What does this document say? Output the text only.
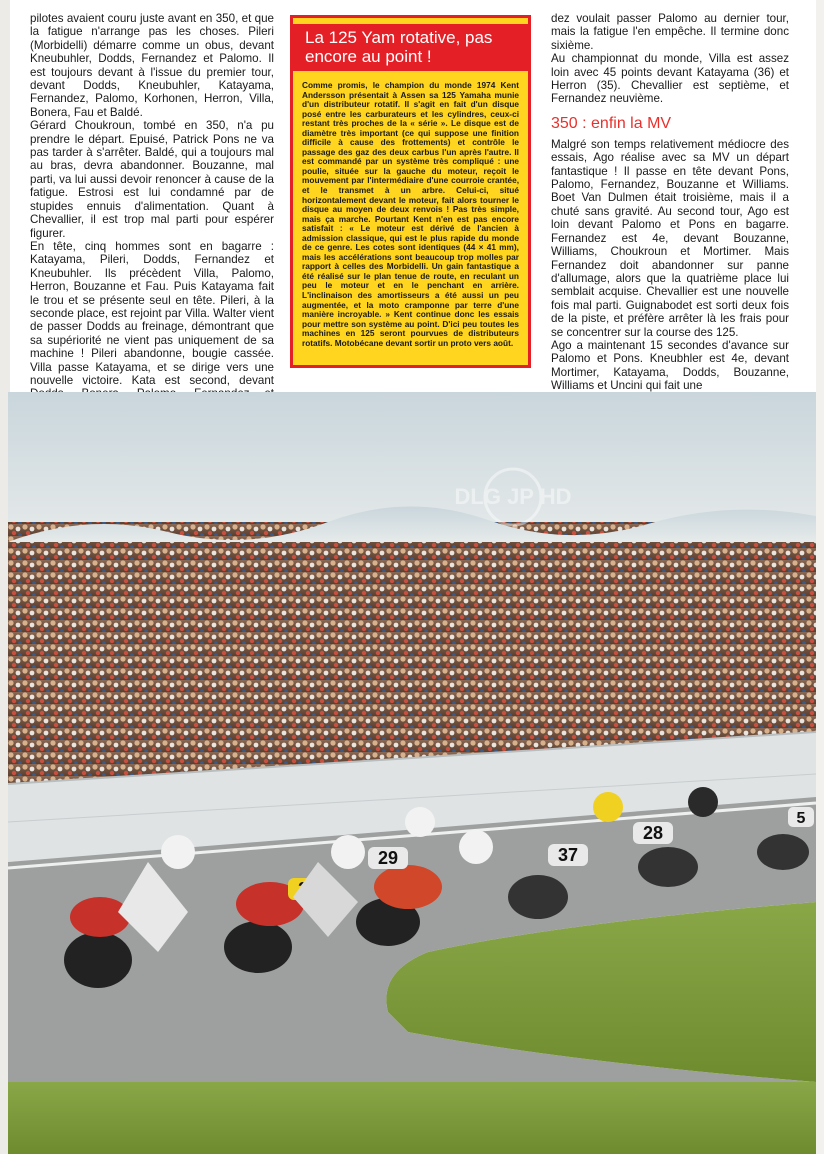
pilotes avaient couru juste avant en 350, et que la fatigue n'arrange pas les choses. Pileri (Morbidelli) démarre comme un obus, devant Kneubuhler, Dodds, Fernandez et Palomo. Il est toujours devant à l'issue du premier tour, devant Dodds, Kneubuhler, Katayama, Fernandez, Palomo, Korhonen, Herron, Villa, Bonera, Fau et Baldé.

Gérard Choukroun, tombé en 350, n'a pu prendre le départ. Epuisé, Patrick Pons ne va pas tarder à s'arrêter. Baldé, qui a toujours mal au bras, devra abandonner. Bouzanne, mal parti, va lui aussi devoir renoncer à cause de la fatigue. Estrosi est lui condamné par de stupides ennuis d'alimentation. Quant à Chevallier, il est trop mal parti pour espérer figurer.

En tête, cinq hommes sont en bagarre : Katayama, Pileri, Dodds, Fernandez et Kneubuhler. Ils précèdent Villa, Palomo, Herron, Bouzanne et Fau. Puis Katayama fait le trou et se présente seul en tête. Pileri, à la seconde place, est rejoint par Villa. Walter vient de passer Dodds au freinage, démontrant que sa supériorité ne vient pas uniquement de sa machine ! Pileri abandonne, bougie cassée. Villa passe Katayama, et se dirige vers une nouvelle victoire. Kata est second, devant

La 125 Yam rotative, pas encore au point !

Comme promis, le champion du monde 1974 Kent Andersson présentait à Assen sa 125 Yamaha munie d'un distributeur rotatif. Il s'agit en fait d'un disque posé entre les carburateurs et les cylindres, ceux-ci restant très proches de la « série ». Le disque est de diamètre très important (ce qui suppose une finition difficile à cause des frottements) et contrôle le passage des gaz des deux carbus l'un après l'autre. Il est commandé par un système très compliqué : une poulie, située sur la gauche du moteur, reçoit le mouvement par l'intermédiaire d'une courroie crantée, et le transmet à un arbre. Celui-ci, situé horizontalement devant le moteur, fait alors tourner le disque au moyen de deux renvois ! Pas très simple, mais ça marche. Pourtant Kent n'en est pas encore satisfait : « Le moteur est dérivé de l'ancien à admission classique, qui est le plus rapide du monde de ce genre. Les cotes sont identiques (44 × 41 mm), mais les accélérations sont beaucoup trop molles par rapport à celles des Morbidelli. Un gain fantastique a été réalisé sur le plan tenue de route, en reculant un peu le moteur et en le penchant en arrière. L'inclinaison des amortisseurs a été aussi un peu augmentée, et la moto cramponne par terre d'une manière incroyable. » Kent continue donc les essais pour mettre son système au point. D'ici peu toutes les machines en 125 seront pourvues de distributeurs rotatifs. Motobécane devant sortir un proto vers août.

dez voulait passer Palomo au dernier tour, mais la fatigue l'en empêche. Il termine donc sixième.

Au championnat du monde, Villa est assez loin avec 45 points devant Katayama (36) et Herron (35). Chevallier est septième, et Fernandez neuvième.

350 : enfin la MV

Malgré son temps relativement médiocre des essais, Ago réalise avec sa MV un départ fantastique ! Il passe en tête devant Pons, Palomo, Fernandez, Bouzanne et Williams. Boet Van Dulmen était troisième, mais il a chuté sans gravité. Au second tour, Ago est loin devant Palomo et Pons en bagarre. Fernandez est 4e, devant Bouzanne, Williams, Choukroun et Mortimer. Mais Fernandez doit abandonner sur panne d'allumage, alors que la quatrième place lui semblait acquise. Chevallier est une nouvelle fois mal parti. Guignabodet est sorti deux fois de la piste, et préfère arrêter là les frais pour se concentrer sur la course des 125.

Ago a maintenant 15 secondes d'avance sur Palomo et Pons. Kneubhler est 4e, devant Mortimer, Katayama, Dodds, Bouzanne, Williams et Uncini qui fait une

DLG JP HD
29	37
28
5
